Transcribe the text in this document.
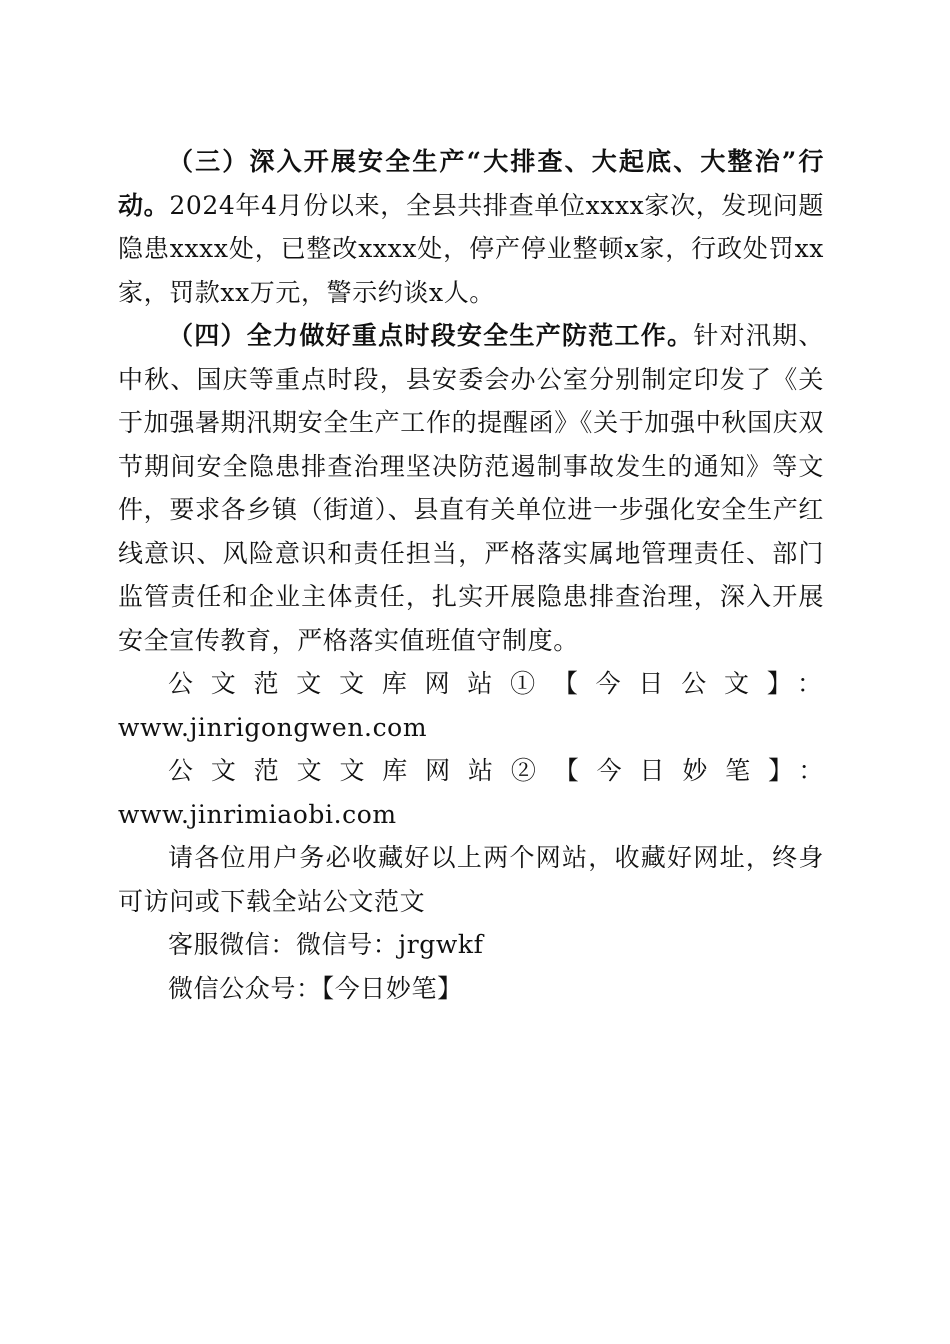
（三）深入开展安全生产“大排查、大起底、大整治”行动。2024年4月份以来，全县共排查单位xxxx家次，发现问题隐患xxxx处，已整改xxxx处，停产停业整顿x家，行政处罚xx家，罚款xx万元，警示约谈x人。

（四）全力做好重点时段安全生产防范工作。针对汛期、中秋、国庆等重点时段，县安委会办公室分别制定印发了《关于加强暑期汛期安全生产工作的提醒函》《关于加强中秋国庆双节期间安全隐患排查治理坚决防范遏制事故发生的通知》等文件，要求各乡镇（街道）、县直有关单位进一步强化安全生产红线意识、风险意识和责任担当，严格落实属地管理责任、部门监管责任和企业主体责任，扎实开展隐患排查治理，深入开展安全宣传教育，严格落实值班值守制度。

公文范文文库网站①【今日公文】：

www.jinrigongwen.com

公文范文文库网站②【今日妙笔】：www.jinrimiaobi.com

请各位用户务必收藏好以上两个网站，收藏好网址，终身可访问或下载全站公文范文

客服微信：微信号：jrgwkf

微信公众号：【今日妙笔】
